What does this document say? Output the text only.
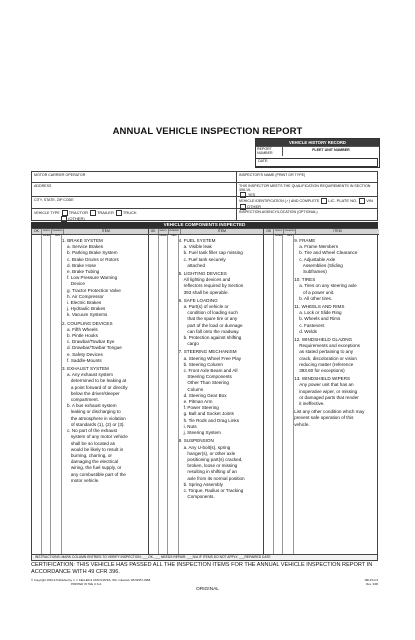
ANNUAL VEHICLE INSPECTION REPORT
VEHICLE HISTORY RECORD
REPORT NUMBER
FLEET UNIT NUMBER
DATE:
MOTOR CARRIER OPERATOR	INSPECTOR'S NAME (PRINT OR TYPE)
ADDRESS	THIS INSPECTOR MEETS THE QUALIFICATION REQUIREMENTS IN SECTION 396.19.
YES
CITY, STATE, ZIP CODE	VEHICLE IDENTIFICATION (✓) AND COMPLETE LIC. PLATE NO. VIN OTHER
VEHICLE TYPE TRACTOR TRAILER TRUCK
(OTHER)
INSPECTION AGENCY/LOCATION (OPTIONAL)
VEHICLE COMPONENTS INSPECTED
OK	NEEDS REPAIR
REPAIRED DATE
ITEM
1. BRAKE SYSTEM
a. Service Brakes
b. Parking Brake System
c. Brake Drums or Rotors
d. Brake Hose
e. Brake Tubing
f. Low Pressure Warning
Device
g. Tractor Protection Valve
h. Air Compressor
i. Electric Brakes
j. Hydraulic Brakes
k. Vacuum Systems
2. COUPLING DEVICES
a. Fifth Wheels
b. Pintle Hooks
c. Drawbar/Towbar Eye
d. Drawbar/Towbar Tongue
e. Safety Devices
f. Saddle-Mounts
3. EXHAUST SYSTEM
a. Any exhaust system
determined to be leaking at
a point forward of or directly
below the driver/sleeper
compartment.
b. A bus exhaust system
leaking or discharging to
the atmosphere in violation
of standards (1), (2) or (3).
c. No part of the exhaust
system of any motor vehicle
shall be so located as
would be likely to result in
burning, charring, or
damaging the electrical
wiring, the fuel supply, or
any combustible part of the
motor vehicle.
OK	NEEDS REPAIR
REPAIRED DATE
ITEM
4. FUEL SYSTEM
a. Visible leak
b. Fuel tank filler cap missing
c. Fuel tank securely
attached
5. LIGHTING DEVICES
All lighting devices and
reflectors required by Section
393 shall be operable.
6. SAFE LOADING
a. Part(s) of vehicle or
condition of loading such
that the spare tire or any
part of the load or dunnage
can fall onto the roadway.
b. Protection against shifting
cargo
7. STEERING MECHANISM
a. Steering Wheel Free Play
b. Steering Column
c. Front Axle Beam and All
Steering Components
Other Than Steering
Column
d. Steering Gear Box
e. Pitman Arm
f. Power Steering
g. Ball and Socket Joints
h. Tie Rods and Drag Links
i. Nuts
j. Steering System
8. SUSPENSION
a. Any U-bolt(s), spring
hanger(s), or other axle
positioning part(s) cracked,
broken, loose or missing
resulting in shifting of an
axle from its normal position
b. Spring Assembly
c. Torque, Radius or Tracking
Components.
OK	NEEDS REPAIR
REPAIRED DATE
ITEM
9. FRAME
a. Frame Members
b. Tire and Wheel Clearance
c. Adjustable Axle
Assemblies (Sliding
Subframes)
10. TIRES
a. Tires on any steering axle
of a power unit.
b. All other tires.
11. WHEELS AND RIMS
a. Lock or Slide Ring
b. Wheels and Rims
c. Fasteners
d. Welds
12. WINDSHIELD GLAZING
Requirements and exceptions
as stated pertaining to any
crack, discoloration or vision
reducing matter (reference
393.60 for exceptions)
13. WINDSHIELD WIPERS
Any power unit that has an
inoperative wiper, or missing
or damaged parts that render
it ineffective.
List any other condition which may
prevent safe operation of this
vehicle.
INSTRUCTIONS: MARK COLUMN ENTRIES TO VERIFY INSPECTION: ___OK, ___ NEEDS REPAIR, ___N/A IF ITEMS DO NOT APPLY, ___REPAIRED DATE
CERTIFICATION: THIS VEHICLE HAS PASSED ALL THE INSPECTION ITEMS FOR THE ANNUAL VEHICLE INSPECTION REPORT IN ACCORDANCE WITH 49 CFR 396.
© Copyright 1994 & Published by J. J. KELLER & ASSOCIATES, INC.• Neenah, WI•54957-0368
PRINTED IN THE U.S.A.
180-FS-C3
Rev. 3/96
ORIGINAL
